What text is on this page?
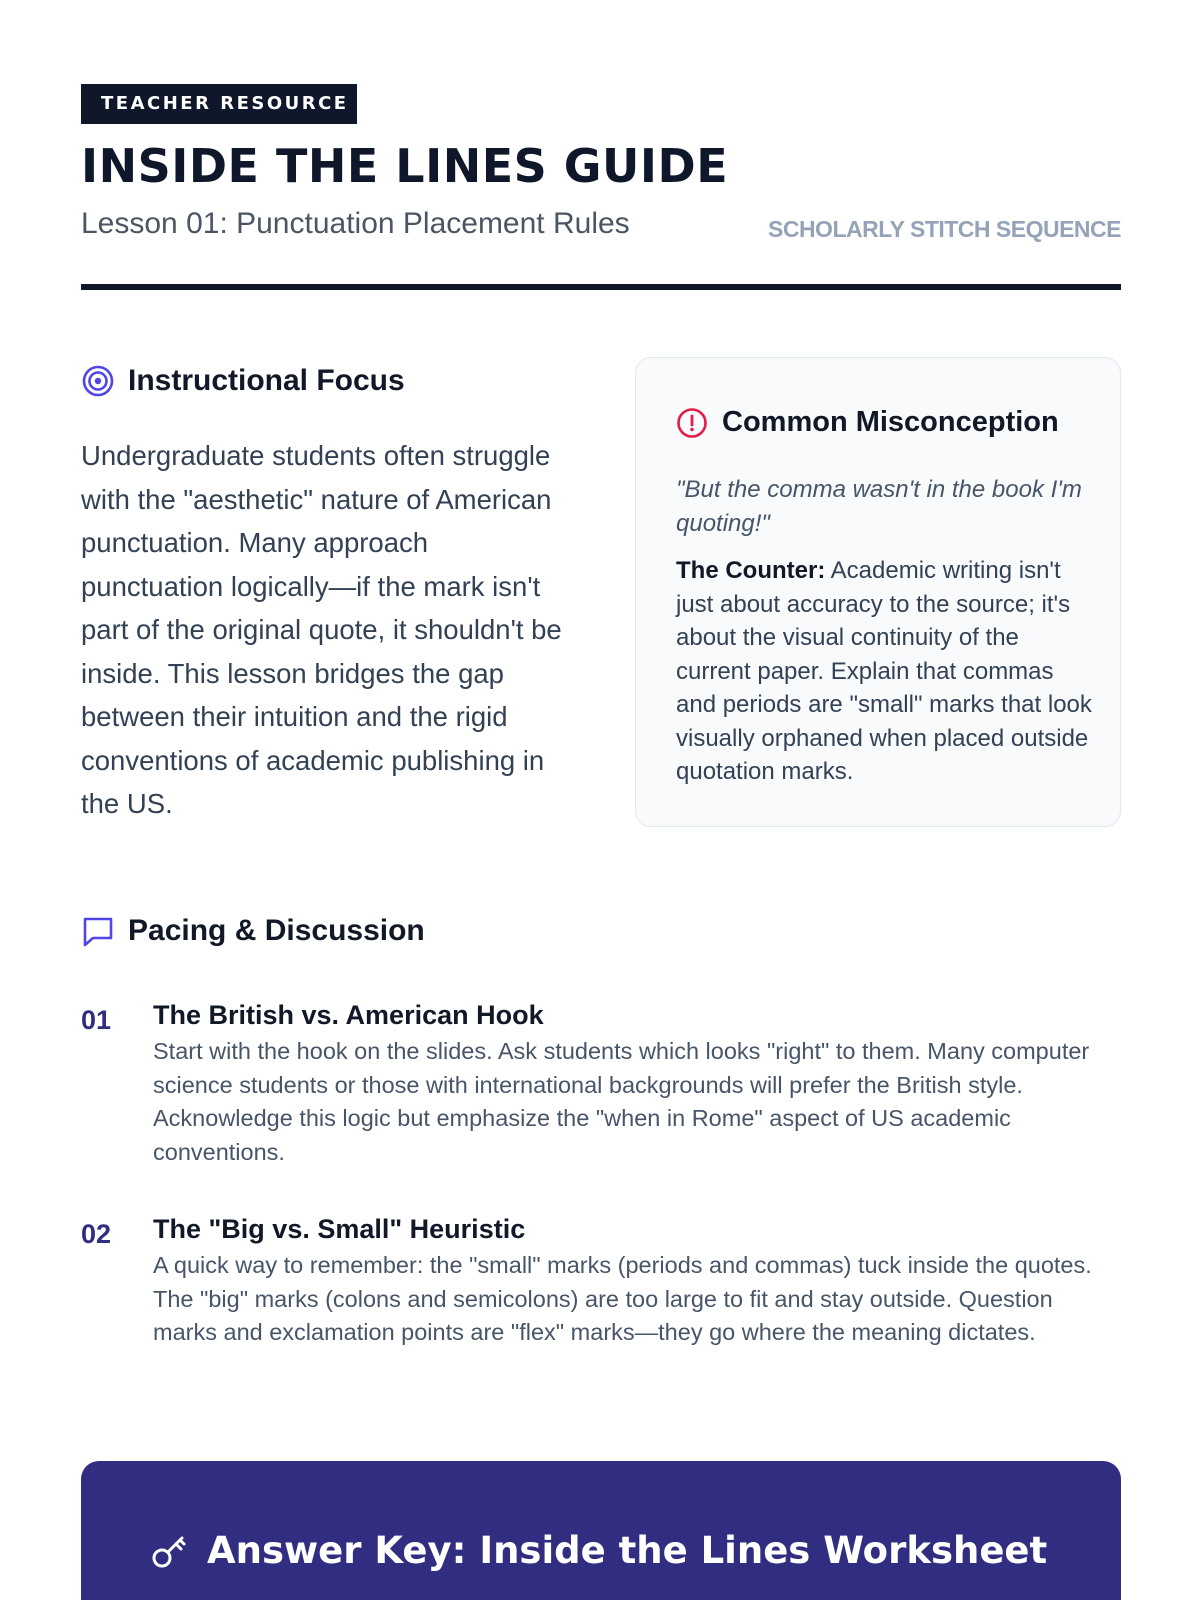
TEACHER RESOURCE
INSIDE THE LINES GUIDE
Lesson 01: Punctuation Placement Rules	SCHOLARLY STITCH SEQUENCE
Instructional Focus

Undergraduate students often struggle with the "aesthetic" nature of American punctuation. Many approach punctuation logically—if the mark isn't part of the original quote, it shouldn't be inside. This lesson bridges the gap between their intuition and the rigid conventions of academic publishing in the US.

Common Misconception

"But the comma wasn't in the book I'm quoting!"

The Counter: Academic writing isn't just about accuracy to the source; it's about the visual continuity of the current paper. Explain that commas and periods are "small" marks that look visually orphaned when placed outside quotation marks.

Pacing & Discussion
01 The British vs. American Hook

Start with the hook on the slides. Ask students which looks "right" to them. Many computer science students or those with international backgrounds will prefer the British style. Acknowledge this logic but emphasize the "when in Rome" aspect of US academic conventions.

02 The "Big vs. Small" Heuristic

A quick way to remember: the "small" marks (periods and commas) tuck inside the quotes. The "big" marks (colons and semicolons) are too large to fit and stay outside. Question marks and exclamation points are "flex" marks—they go where the meaning dictates.

Answer Key: Inside the Lines Worksheet
